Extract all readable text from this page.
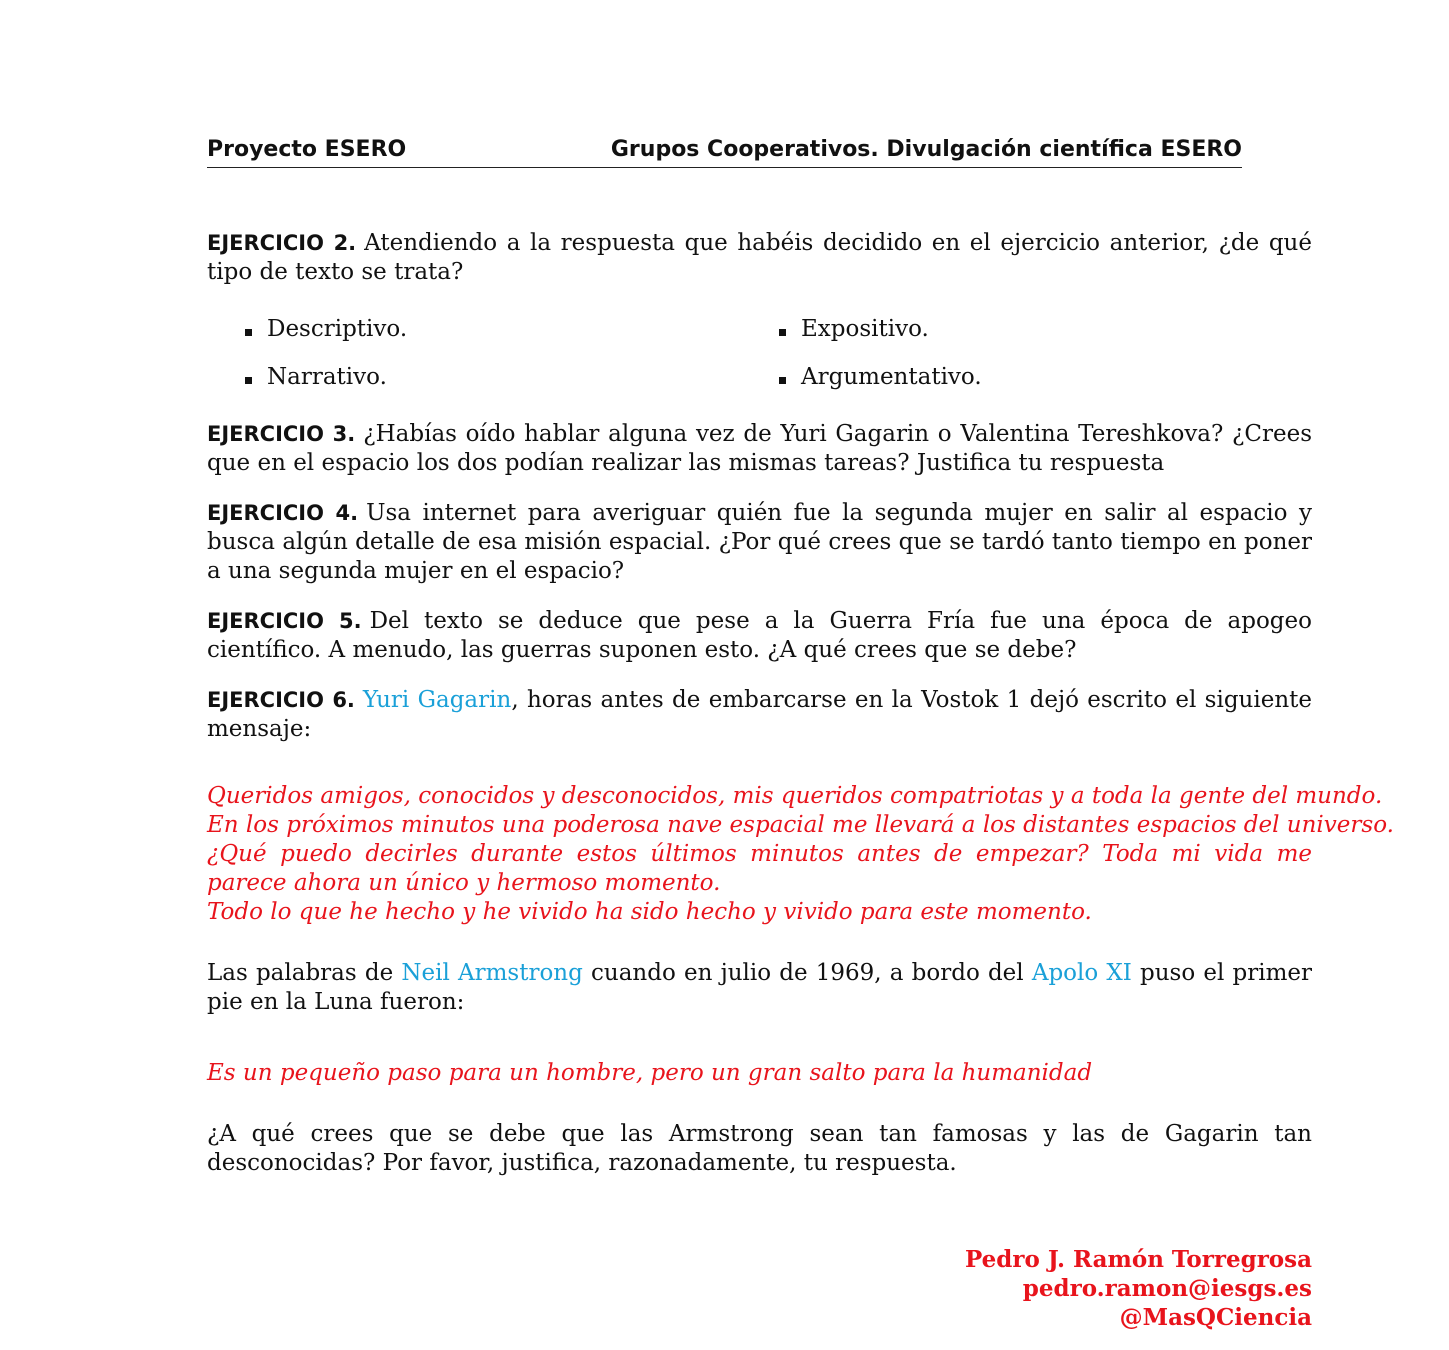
Proyecto ESERO	Grupos Cooperativos. Divulgación científica ESERO

EJERCICIO 2. Atendiendo a la respuesta que habéis decidido en el ejercicio anterior, ¿de qué tipo de texto se trata?

Descriptivo.	Expositivo.
Narrativo.	Argumentativo.

EJERCICIO 3. ¿Habías oído hablar alguna vez de Yuri Gagarin o Valentina Tereshkova? ¿Crees que en el espacio los dos podían realizar las mismas tareas? Justifica tu respuesta

EJERCICIO 4. Usa internet para averiguar quién fue la segunda mujer en salir al espacio y busca algún detalle de esa misión espacial. ¿Por qué crees que se tardó tanto tiempo en poner a una segunda mujer en el espacio?

EJERCICIO 5. Del texto se deduce que pese a la Guerra Fría fue una época de apogeo científico. A menudo, las guerras suponen esto. ¿A qué crees que se debe?

EJERCICIO 6. Yuri Gagarin, horas antes de embarcarse en la Vostok 1 dejó escrito el siguiente mensaje:

Queridos amigos, conocidos y desconocidos, mis queridos compatriotas y a toda la gente del mundo.
En los próximos minutos una poderosa nave espacial me llevará a los distantes espacios del universo.
¿Qué puedo decirles durante estos últimos minutos antes de empezar? Toda mi vida me parece ahora un único y hermoso momento.
Todo lo que he hecho y he vivido ha sido hecho y vivido para este momento.

Las palabras de Neil Armstrong cuando en julio de 1969, a bordo del Apolo XI puso el primer pie en la Luna fueron:

Es un pequeño paso para un hombre, pero un gran salto para la humanidad

¿A qué crees que se debe que las Armstrong sean tan famosas y las de Gagarin tan desconocidas? Por favor, justifica, razonadamente, tu respuesta.

Pedro J. Ramón Torregrosa
pedro.ramon@iesgs.es
@MasQCiencia
